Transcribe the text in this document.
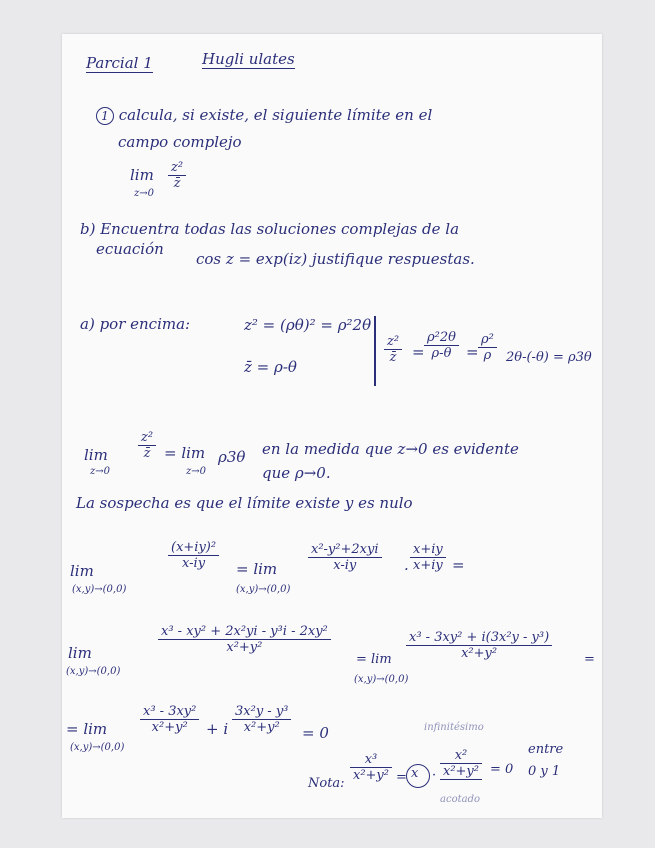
Parcial 1	Hugli ulates
1 calcula, si existe, el siguiente límite en el
campo complejo
lim
z→0
z²
z̄
b) Encuentra todas las soluciones complejas de la
ecuación
cos z = exp(iz) justifique respuestas.
a) por encima:	z² = (ρθ)² = ρ²2θ
z̄ = ρ-θ
z²
z̄ =
ρ²2θ
ρ-θ =
ρ²
ρ 2θ-(-θ) = ρ3θ
lim
z→0
z²
z̄ = lim
z→0
ρ3θ en la medida que z→0 es evidente
que ρ→0.
La sospecha es que el límite existe y es nulo
lim
(x,y)→(0,0)
(x+iy)²
x-iy = lim
(x,y)→(0,0)
x²-y²+2xyi
x-iy	·
x+iy
x+iy =
lim
(x,y)→(0,0)
x³ - xy² + 2x²yi - y³i - 2xy²
x²+y²
= lim
(x,y)→(0,0)
x³ - 3xy² + i(3x²y - y³)
x²+y²	=
= lim
(x,y)→(0,0)
x³ - 3xy²
x²+y² + i
3x²y - y³
x²+y² = 0	infinitésimo
Nota:
x³
x²+y² = x ·
x²
x²+y² = 0
acotado
entre
0 y 1
